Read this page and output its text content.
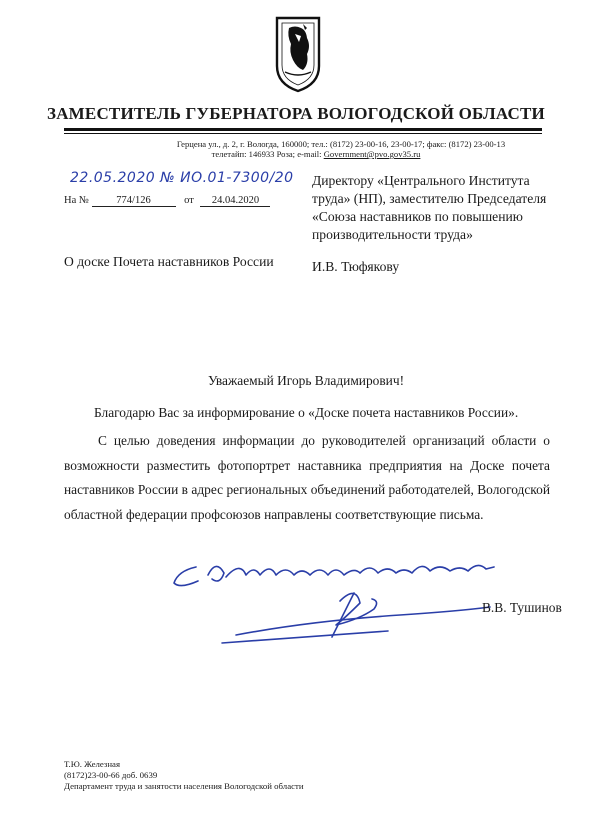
ЗАМЕСТИТЕЛЬ ГУБЕРНАТОРА ВОЛОГОДСКОЙ ОБЛАСТИ
Герцена ул., д. 2, г. Вологда, 160000; тел.: (8172) 23-00-16, 23-00-17; факс: (8172) 23-00-13
телетайп: 146933 Роза; e-mail: Government@pvo.gov35.ru
22.05.2020 № ИО.01-7300/20
На №	774/126	от 24.04.2020
Директору «Центрального Института труда» (НП), заместителю Председателя «Союза наставников по повышению производительности труда»
О доске Почета наставников России	И.В. Тюфякову
Уважаемый Игорь Владимирович!
Благодарю Вас за информирование о «Доске почета наставников России».
С целью доведения информации до руководителей организаций области о возможности разместить фотопортрет наставника предприятия на Доске почета наставников России в адрес региональных объединений работодателей, Вологодской областной федерации профсоюзов направлены соответствующие письма.
В.В. Тушинов
Т.Ю. Железная
(8172)23-00-66 доб. 0639
Департамент труда и занятости населения Вологодской области
